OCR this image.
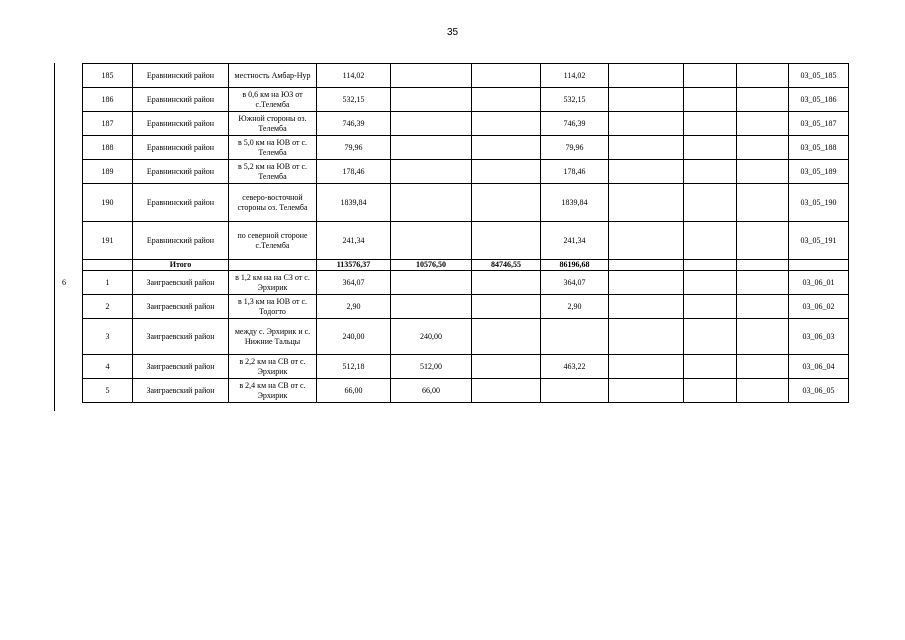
35
6
185	Еравнинский район	местность Амбар-Нур	114,02			114,02				03_05_185
186	Еравнинский район	в 0,6 км на ЮЗ от с.Телемба	532,15			532,15				03_05_186
187	Еравнинский район	Южной стороны оз. Телемба	746,39			746,39				03_05_187
188	Еравнинский район	в 5,0 км на ЮВ от с. Телемба	79,96			79,96				03_05_188
189	Еравнинский район	в 5,2 км на ЮВ от с. Телемба	178,46			178,46				03_05_189
190	Еравнинский район	северо-восточной стороны оз. Телемба	1839,84			1839,84				03_05_190
191	Еравнинский район	по северной стороне с.Телемба	241,34			241,34				03_05_191
	Итого		113576,37	10576,50	84746,55	86196,68				
1	Заиграевский район	в 1,2 км на на СЗ от с. Эрхирик	364,07			364,07				03_06_01
2	Заиграевский район	в 1,3 км на ЮВ от с. Тодогто	2,90			2,90				03_06_02
3	Заиграевский район	между с. Эрхирик и с. Нижние Тальцы	240,00	240,00						03_06_03
4	Заиграевский район	в 2,2 км на СВ от с. Эрхирик	512,18	512,00		463,22				03_06_04
5	Заиграевский район	в 2,4 км на СВ от с. Эрхирик	66,00	66,00						03_06_05
